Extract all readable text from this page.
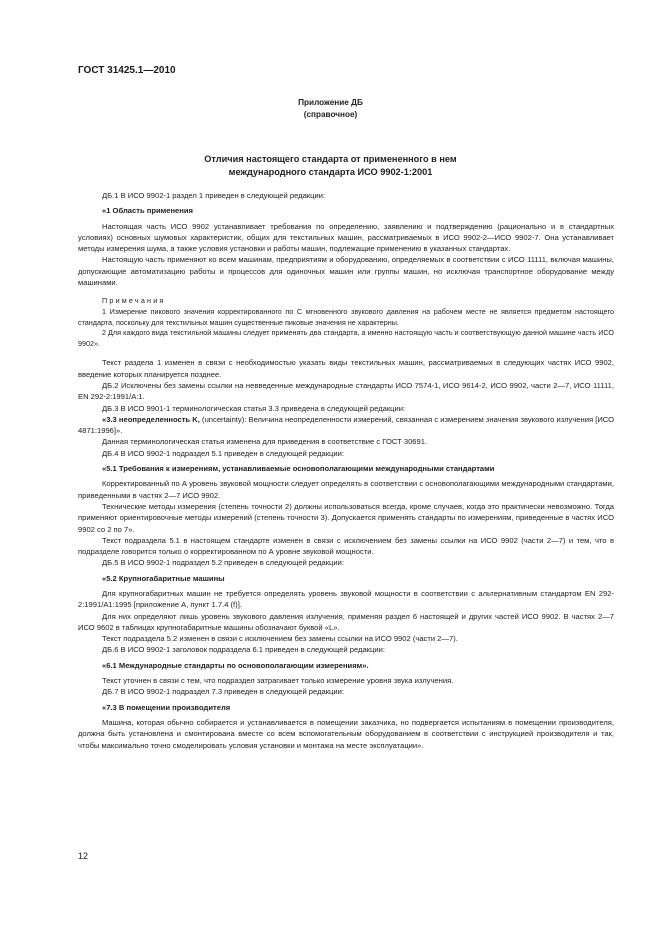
ГОСТ 31425.1—2010
Приложение ДБ
(справочное)
Отличия настоящего стандарта от примененного в нем
международного стандарта ИСО 9902-1:2001

ДБ.1 В ИСО 9902-1 раздел 1 приведен в следующей редакции:

«1 Область применения

Настоящая часть ИСО 9902 устанавливает требования по определению, заявлению и подтверждению (рационально и в стандартных условиях) основных шумовых характеристик, общих для текстильных машин, рассматриваемых в ИСО 9902-2—ИСО 9902-7. Она устанавливает методы измерения шума, а также условия установки и работы машин, подлежащие применению в указанных стандартах.

Настоящую часть применяют ко всем машинам, предприятиям и оборудованию, определяемых в соответствии с ИСО 11111, включая машины, допускающие автоматизацию работы и процессов для одиночных машин или группы машин, но исключая транспортное оборудование между машинами.

Примечания

1 Измерение пикового значения корректированного по С мгновенного звукового давления на рабочем месте не является предметом настоящего стандарта, поскольку для текстильных машин существенные пиковые значения не характерны.

2 Для каждого вида текстильной машины следует применять два стандарта, а именно настоящую часть и соответствующую данной машине часть ИСО 9902».

Текст раздела 1 изменен в связи с необходимостью указать виды текстильных машин, рассматриваемых в следующих частях ИСО 9902, введение которых планируется позднее.

ДБ.2 Исключены без замены ссылки на невведенные международные стандарты ИСО 7574-1, ИСО 9614-2, ИСО 9902, части 2—7, ИСО 11111, EN 292-2:1991/A:1.

ДБ.3 В ИСО 9901-1 терминологическая статья 3.3 приведена в следующей редакции:

«3.3 неопределенность K, (uncertainty): Величина неопределенности измерений, связанная с измерением значения звукового излучения [ИСО 4871:1996]».

Данная терминологическая статья изменена для приведения в соответствие с ГОСТ 30691.

ДБ.4 В ИСО 9902-1 подраздел 5.1 приведен в следующей редакции:

«5.1 Требования к измерениям, устанавливаемые основополагающими международными стандартами

Корректированный по А уровень звуковой мощности следует определять в соответствии с основополагающими международными стандартами, приведенными в частях 2—7 ИСО 9902.

Технические методы измерения (степень точности 2) должны использоваться всегда, кроме случаев, когда это практически невозможно. Тогда применяют ориентировочные методы измерений (степень точности 3). Допускается применять стандарты по измерениям, приведенные в частях ИСО 9902 со 2 по 7».

Текст подраздела 5.1 в настоящем стандарте изменен в связи с исключением без замены ссылки на ИСО 9902 (части 2—7) и тем, что в подразделе говорится только о корректированном по А уровне звуковой мощности.

ДБ.5 В ИСО 9902-1 подраздел 5.2 приведен в следующей редакции:

«5.2 Крупногабаритные машины

Для крупногабаритных машин не требуется определять уровень звуковой мощности в соответствии с альтернативным стандартом EN 292-2:1991/A1:1995 [приложение А, пункт 1.7.4 (f)].

Для них определяют лишь уровень звукового давления излучения, применяя раздел 6 настоящей и других частей ИСО 9902. В частях 2—7 ИСО 9602 в таблицах крупногабаритные машины обозначают буквой «L».

Текст подраздела 5.2 изменен в связи с исключением без замены ссылки на ИСО 9902 (части 2—7).

ДБ.6 В ИСО 9902-1 заголовок подраздела 6.1 приведен в следующей редакции:

«6.1 Международные стандарты по основополагающим измерениям».

Текст уточнен в связи с тем, что подраздел затрагивает только измерение уровня звука излучения.

ДБ.7 В ИСО 9902-1 подраздел 7.3 приведен в следующей редакции:

«7.3 В помещении производителя

Машина, которая обычно собирается и устанавливается в помещении заказчика, но подвергается испытаниям в помещении производителя, должна быть установлена и смонтирована вместе со всем вспомогательным оборудованием в соответствии с инструкцией производителя и так, чтобы максимально точно смоделировать условия установки и монтажа на месте эксплуатации».

12
